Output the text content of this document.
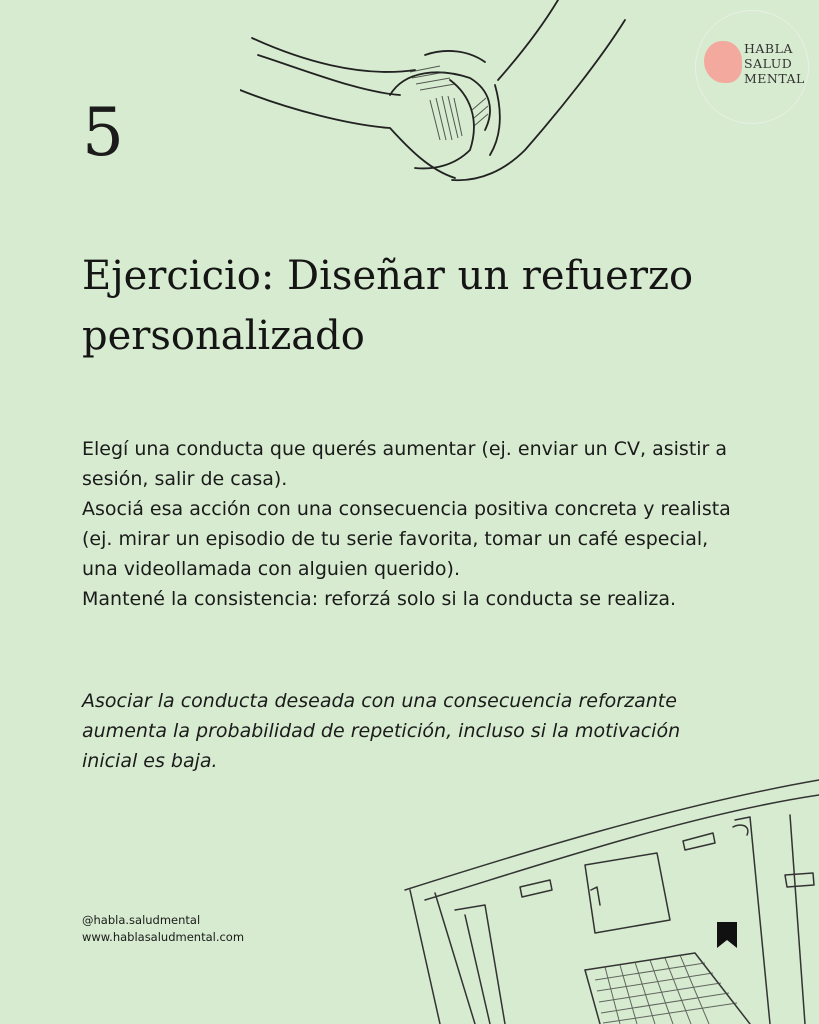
HABLA
SALUD
MENTAL
5
Ejercicio: Diseñar un refuerzo personalizado

Elegí una conducta que querés aumentar (ej. enviar un CV, asistir a sesión, salir de casa).

Asociá esa acción con una consecuencia positiva concreta y realista (ej. mirar un episodio de tu serie favorita, tomar un café especial, una videollamada con alguien querido).

Mantené la consistencia: reforzá solo si la conducta se realiza.

Asociar la conducta deseada con una consecuencia reforzante aumenta la probabilidad de repetición, incluso si la motivación inicial es baja.

@habla.saludmental
www.hablasaludmental.com
